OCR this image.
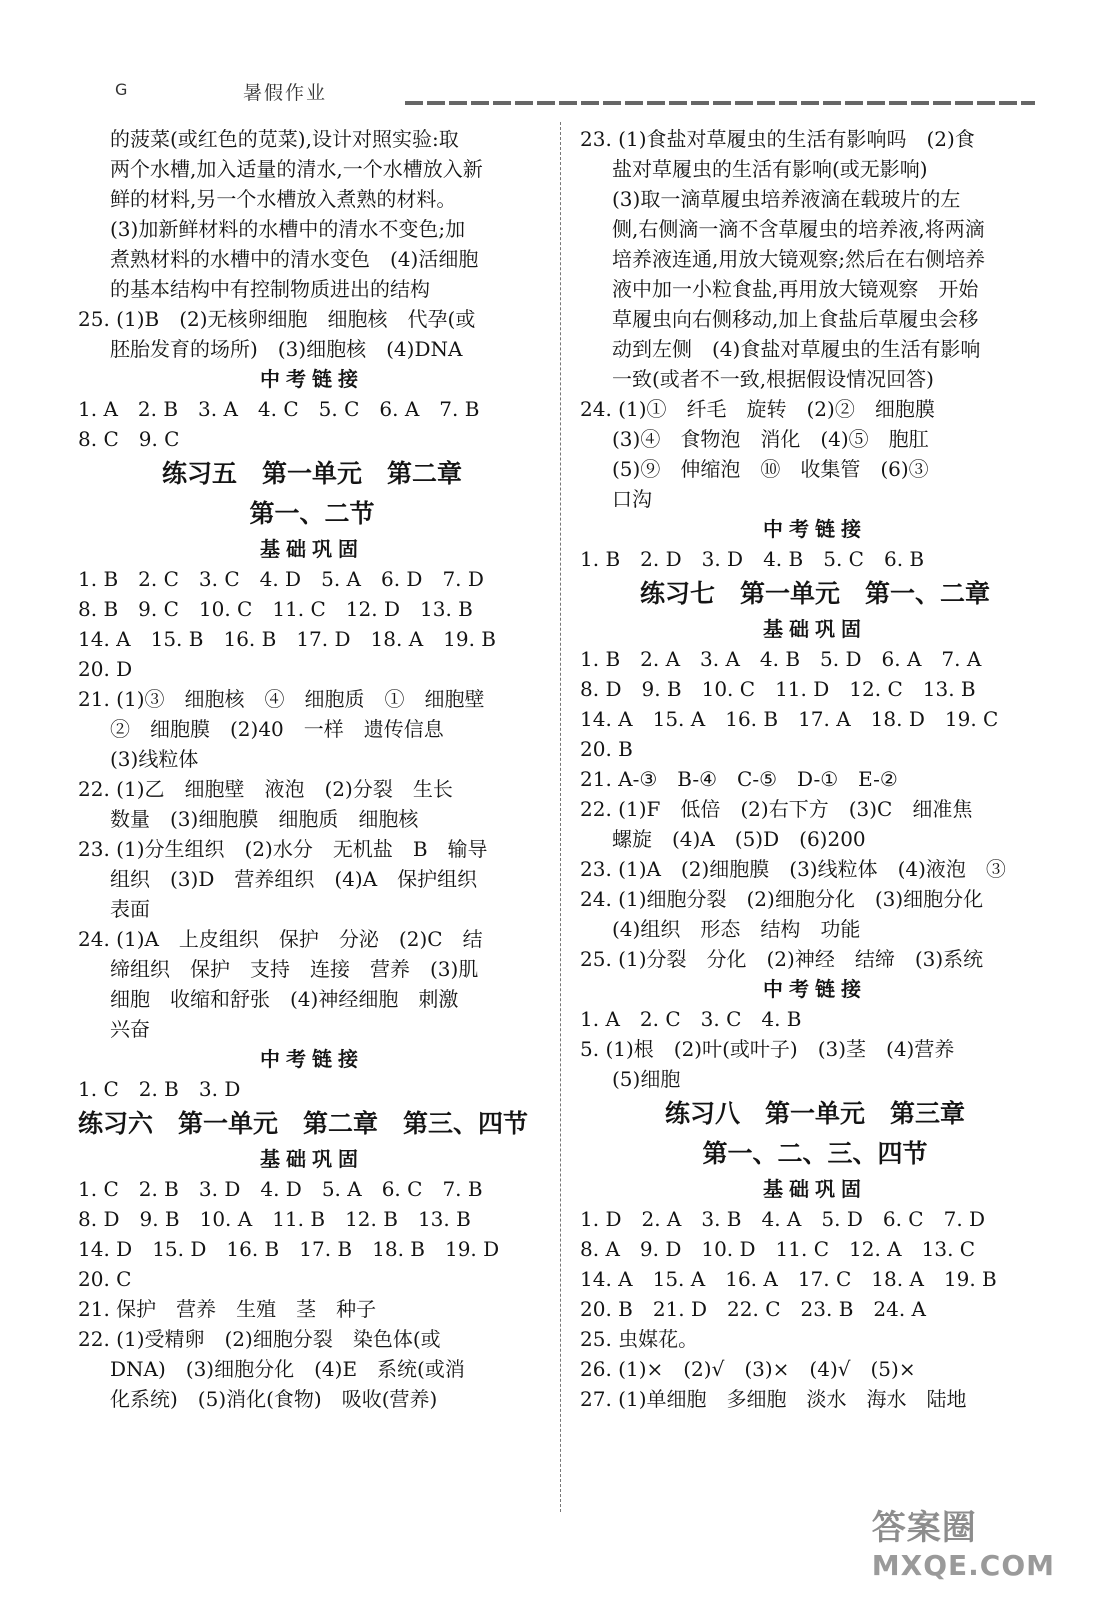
G	暑假作业
的菠菜(或红色的苋菜),设计对照实验:取
两个水槽,加入适量的清水,一个水槽放入新
鲜的材料,另一个水槽放入煮熟的材料。
(3)加新鲜材料的水槽中的清水不变色;加
煮熟材料的水槽中的清水变色　(4)活细胞
的基本结构中有控制物质进出的结构
25. (1)B　(2)无核卵细胞　细胞核　代孕(或
胚胎发育的场所)　(3)细胞核　(4)DNA
中考链接
1. A　2. B　3. A　4. C　5. C　6. A　7. B
8. C　9. C
练习五　第一单元　第二章
第一、二节
基础巩固
1. B　2. C　3. C　4. D　5. A　6. D　7. D
8. B　9. C　10. C　11. C　12. D　13. B
14. A　15. B　16. B　17. D　18. A　19. B
20. D
21. (1)③　细胞核　④　细胞质　①　细胞壁
②　细胞膜　(2)40　一样　遗传信息
(3)线粒体
22. (1)乙　细胞壁　液泡　(2)分裂　生长
数量　(3)细胞膜　细胞质　细胞核
23. (1)分生组织　(2)水分　无机盐　B　输导
组织　(3)D　营养组织　(4)A　保护组织
表面
24. (1)A　上皮组织　保护　分泌　(2)C　结
缔组织　保护　支持　连接　营养　(3)肌
细胞　收缩和舒张　(4)神经细胞　刺激
兴奋
中考链接
1. C　2. B　3. D
练习六　第一单元　第二章　第三、四节
基础巩固
1. C　2. B　3. D　4. D　5. A　6. C　7. B
8. D　9. B　10. A　11. B　12. B　13. B
14. D　15. D　16. B　17. B　18. B　19. D
20. C
21. 保护　营养　生殖　茎　种子
22. (1)受精卵　(2)细胞分裂　染色体(或
DNA)　(3)细胞分化　(4)E　系统(或消
化系统)　(5)消化(食物)　吸收(营养)
23. (1)食盐对草履虫的生活有影响吗　(2)食
盐对草履虫的生活有影响(或无影响)
(3)取一滴草履虫培养液滴在载玻片的左
侧,右侧滴一滴不含草履虫的培养液,将两滴
培养液连通,用放大镜观察;然后在右侧培养
液中加一小粒食盐,再用放大镜观察　开始
草履虫向右侧移动,加上食盐后草履虫会移
动到左侧　(4)食盐对草履虫的生活有影响
一致(或者不一致,根据假设情况回答)
24. (1)①　纤毛　旋转　(2)②　细胞膜
(3)④　食物泡　消化　(4)⑤　胞肛
(5)⑨　伸缩泡　⑩　收集管　(6)③
口沟
中考链接
1. B　2. D　3. D　4. B　5. C　6. B
练习七　第一单元　第一、二章
基础巩固
1. B　2. A　3. A　4. B　5. D　6. A　7. A
8. D　9. B　10. C　11. D　12. C　13. B
14. A　15. A　16. B　17. A　18. D　19. C
20. B
21. A-③　B-④　C-⑤　D-①　E-②
22. (1)F　低倍　(2)右下方　(3)C　细准焦
螺旋　(4)A　(5)D　(6)200
23. (1)A　(2)细胞膜　(3)线粒体　(4)液泡　③
24. (1)细胞分裂　(2)细胞分化　(3)细胞分化
(4)组织　形态　结构　功能
25. (1)分裂　分化　(2)神经　结缔　(3)系统
中考链接
1. A　2. C　3. C　4. B
5. (1)根　(2)叶(或叶子)　(3)茎　(4)营养
(5)细胞
练习八　第一单元　第三章
第一、二、三、四节
基础巩固
1. D　2. A　3. B　4. A　5. D　6. C　7. D
8. A　9. D　10. D　11. C　12. A　13. C
14. A　15. A　16. A　17. C　18. A　19. B
20. B　21. D　22. C　23. B　24. A
25. 虫媒花。
26. (1)×　(2)√　(3)×　(4)√　(5)×
27. (1)单细胞　多细胞　淡水　海水　陆地
答案圈
MXQE.COM
